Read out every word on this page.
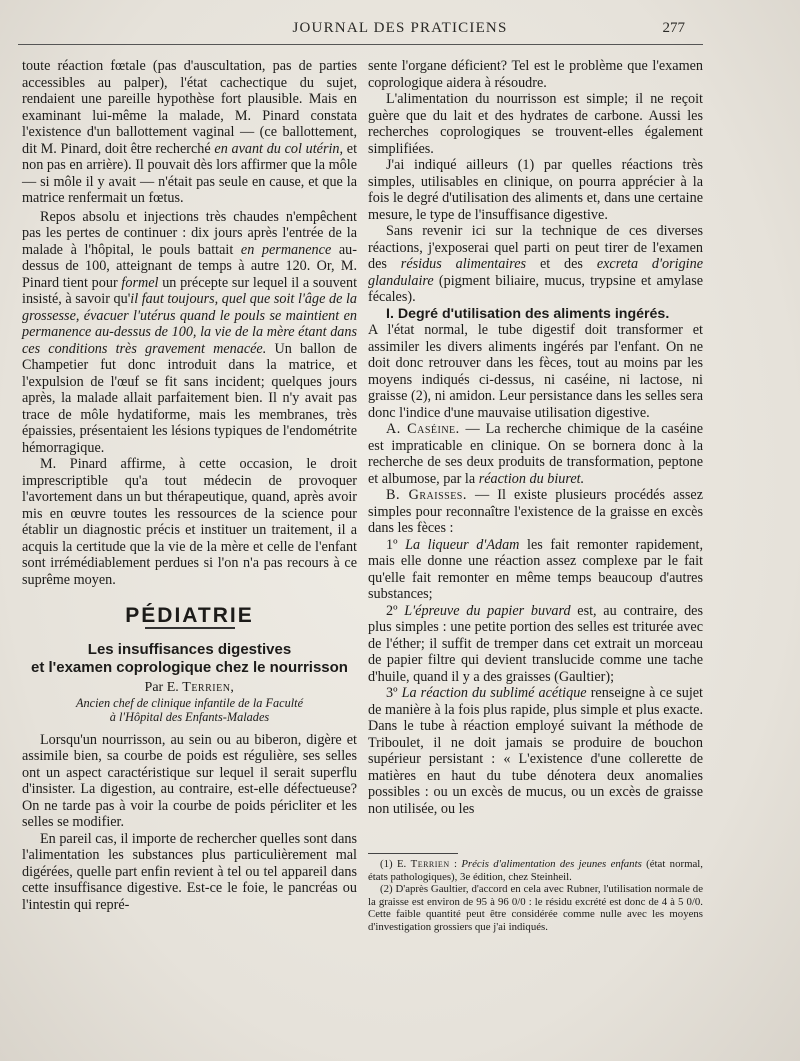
JOURNAL DES PRATICIENS	277

toute réaction fœtale (pas d'auscultation, pas de parties accessibles au palper), l'état cachectique du sujet, rendaient une pareille hypothèse fort plausible. Mais en examinant lui-même la malade, M. Pinard constata l'existence d'un ballottement vaginal — (ce ballottement, dit M. Pinard, doit être recherché en avant du col utérin, et non pas en arrière). Il pouvait dès lors affirmer que la môle — si môle il y avait — n'était pas seule en cause, et que la matrice renfermait un fœtus.

Repos absolu et injections très chaudes n'empêchent pas les pertes de continuer : dix jours après l'entrée de la malade à l'hôpital, le pouls battait en permanence au-dessus de 100, atteignant de temps à autre 120. Or, M. Pinard tient pour formel un précepte sur lequel il a souvent insisté, à savoir qu'il faut toujours, quel que soit l'âge de la grossesse, évacuer l'utérus quand le pouls se maintient en permanence au-dessus de 100, la vie de la mère étant dans ces conditions très gravement menacée. Un ballon de Champetier fut donc introduit dans la matrice, et l'expulsion de l'œuf se fit sans incident; quelques jours après, la malade allait parfaitement bien. Il n'y avait pas trace de môle hydatiforme, mais les membranes, très épaissies, présentaient les lésions typiques de l'endométrite hémorragique.

M. Pinard affirme, à cette occasion, le droit imprescriptible qu'a tout médecin de provoquer l'avortement dans un but thérapeutique, quand, après avoir mis en œuvre toutes les ressources de la science pour établir un diagnostic précis et instituer un traitement, il a acquis la certitude que la vie de la mère et celle de l'enfant sont irrémédiablement perdues si l'on n'a pas recours à ce suprême moyen.

PÉDIATRIE
Les insuffisances digestives
et l'examen coprologique chez le nourrisson
Par E. Terrien,
Ancien chef de clinique infantile de la Faculté
à l'Hôpital des Enfants-Malades

Lorsqu'un nourrisson, au sein ou au biberon, digère et assimile bien, sa courbe de poids est régulière, ses selles ont un aspect caractéristique sur lequel il serait superflu d'insister. La digestion, au contraire, est-elle défectueuse? On ne tarde pas à voir la courbe de poids péricliter et les selles se modifier.

En pareil cas, il importe de rechercher quelles sont dans l'alimentation les substances plus particulièrement mal digérées, quelle part enfin revient à tel ou tel appareil dans cette insuffisance digestive. Est-ce le foie, le pancréas ou l'intestin qui repré-

sente l'organe déficient? Tel est le problème que l'examen coprologique aidera à résoudre.

L'alimentation du nourrisson est simple; il ne reçoit guère que du lait et des hydrates de carbone. Aussi les recherches coprologiques se trouvent-elles également simplifiées.

J'ai indiqué ailleurs (1) par quelles réactions très simples, utilisables en clinique, on pourra apprécier à la fois le degré d'utilisation des aliments et, dans une certaine mesure, le type de l'insuffisance digestive.

Sans revenir ici sur la technique de ces diverses réactions, j'exposerai quel parti on peut tirer de l'examen des résidus alimentaires et des excreta d'origine glandulaire (pigment biliaire, mucus, trypsine et amylase fécales).

I. Degré d'utilisation des aliments ingérés.

A l'état normal, le tube digestif doit transformer et assimiler les divers aliments ingérés par l'enfant. On ne doit donc retrouver dans les fèces, tout au moins par les moyens indiqués ci-dessus, ni caséine, ni lactose, ni graisse (2), ni amidon. Leur persistance dans les selles sera donc l'indice d'une mauvaise utilisation digestive.

A. Caséine. — La recherche chimique de la caséine est impraticable en clinique. On se bornera donc à la recherche de ses deux produits de transformation, peptone et albumose, par la réaction du biuret.

B. Graisses. — Il existe plusieurs procédés assez simples pour reconnaître l'existence de la graisse en excès dans les fèces :

1º La liqueur d'Adam les fait remonter rapidement, mais elle donne une réaction assez complexe par le fait qu'elle fait remonter en même temps beaucoup d'autres substances;

2º L'épreuve du papier buvard est, au contraire, des plus simples : une petite portion des selles est triturée avec de l'éther; il suffit de tremper dans cet extrait un morceau de papier filtre qui devient translucide comme une tache d'huile, quand il y a des graisses (Gaultier);

3º La réaction du sublimé acétique renseigne à ce sujet de manière à la fois plus rapide, plus simple et plus exacte. Dans le tube à réaction employé suivant la méthode de Triboulet, il ne doit jamais se produire de bouchon supérieur persistant : « L'existence d'une collerette de matières en haut du tube dénotera deux anomalies possibles : ou un excès de mucus, ou un excès de graisse non utilisée, ou les

(1) E. Terrien : Précis d'alimentation des jeunes enfants (état normal, états pathologiques), 3e édition, chez Steinheil.

(2) D'après Gaultier, d'accord en cela avec Rubner, l'utilisation normale de la graisse est environ de 95 à 96 0/0 : le résidu excrété est donc de 4 à 5 0/0. Cette faible quantité peut être considérée comme nulle avec les moyens d'investigation grossiers que j'ai indiqués.
